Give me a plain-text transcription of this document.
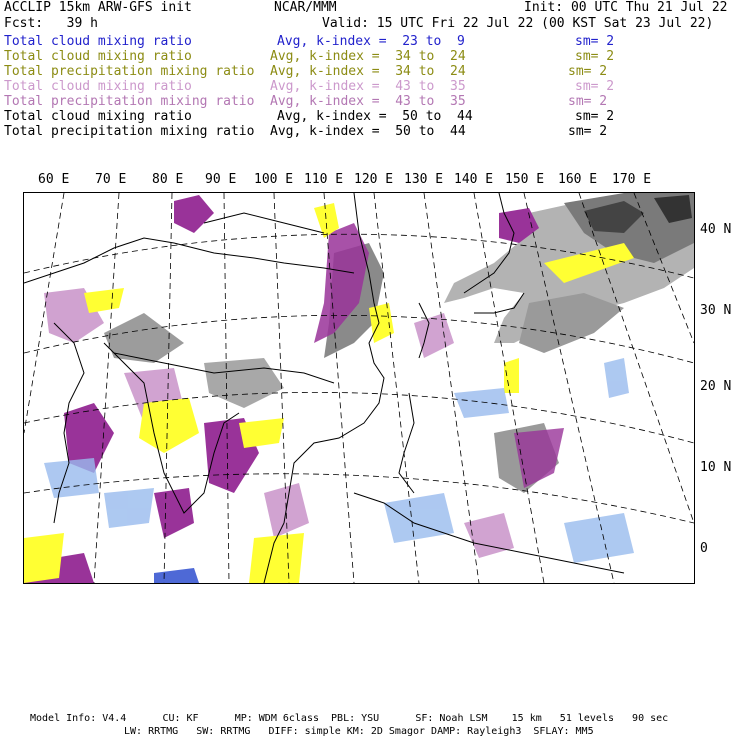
ACCLIP 15km ARW-GFS init	NCAR/MMM	Init: 00 UTC Thu 21 Jul 22
Fcst:   39 h	Valid: 15 UTC Fri 22 Jul 22 (00 KST Sat 23 Jul 22)
Total cloud mixing ratio	Avg, k-index =  23 to  9	sm= 2
Total cloud mixing ratio	Avg, k-index =  34 to  24	sm= 2
Total precipitation mixing ratio Avg, k-index =  34 to  24	sm= 2
Total cloud mixing ratio	Avg, k-index =  43 to  35	sm= 2
Total precipitation mixing ratio Avg, k-index =  43 to  35	sm= 2
Total cloud mixing ratio	Avg, k-index =  50 to  44	sm= 2
Total precipitation mixing ratio Avg, k-index =  50 to  44	sm= 2
60 E 70 E 80 E 90 E 100 E 110 E 120 E 130 E 140 E 150 E 160 E 170 E
40 N
30 N
20 N
10 N
0
Model Info: V4.4      CU: KF      MP: WDM 6class  PBL: YSU      SF: Noah LSM    15 km   51 levels   90 sec
LW: RRTMG   SW: RRTMG   DIFF: simple KM: 2D Smagor DAMP: Rayleigh3  SFLAY: MM5
